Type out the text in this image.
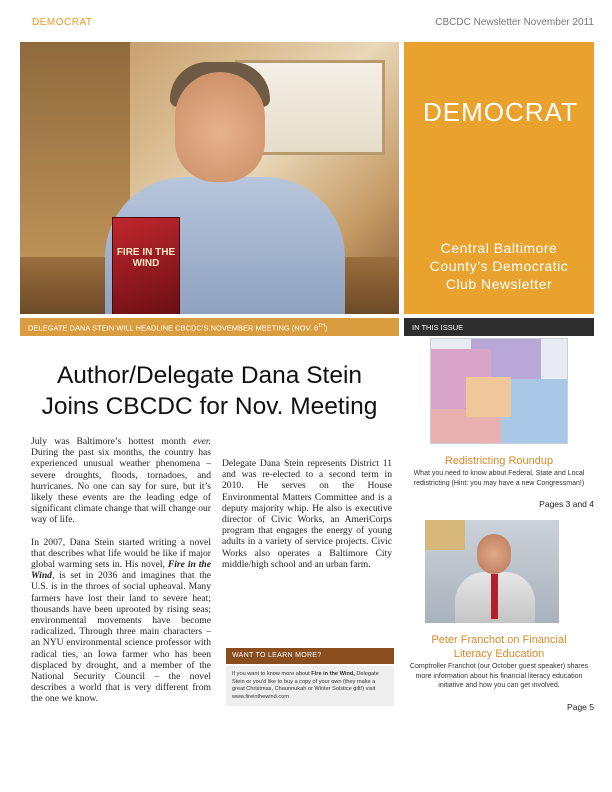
DEMOCRAT	CBCDC Newsletter November 2011
FIRE IN THE WIND
DEMOCRAT
Central Baltimore
County’s Democratic
Club Newsletter
DELEGATE DANA STEIN WILL HEADLINE CBCDC’S NOVEMBER MEETING (NOV. 8TH)	IN THIS ISSUE
Author/Delegate Dana Stein
Joins CBCDC for Nov. Meeting

July was Baltimore’s hottest month ever. During the past six months, the country has experienced unusual weather phenomena – severe droughts, floods, tornadoes, and hurricanes. No one can say for sure, but it’s likely these events are the leading edge of significant climate change that will change our way of life.

In 2007, Dana Stein started writing a novel that describes what life would be like if major global warming sets in. His novel, Fire in the Wind, is set in 2036 and imagines that the U.S. is in the throes of social upheaval. Many farmers have lost their land to severe heat; thousands have been uprooted by rising seas; environmental movements have become radicalized. Through three main characters – an NYU environmental science professor with radical ties, an Iowa farmer who has been displaced by drought, and a member of the National Security Council – the novel describes a world that is very different from the one we know.

Delegate Dana Stein represents District 11 and was re-elected to a second term in 2010. He serves on the House Environmental Matters Committee and is a deputy majority whip. He also is executive director of Civic Works, an AmeriCorps program that engages the energy of young adults in a variety of service projects. Civic Works also operates a Baltimore City middle/high school and an urban farm.

WANT TO LEARN MORE?
If you want to know more about Fire in the Wind, Delegate Stein or you’d like to buy a copy of your own (they make a great Christmas, Chaunnukah or Winter Solstice gift!) visit www.fireinthewind.com
Redistricting Roundup
What you need to know about Federal, State and Local redistricting (Hint: you may have a new Congressman!)
Pages 3 and 4
Peter Franchot on Financial
Literacy Education
Comptroller Franchot (our October guest speaker) shares more information about his financial literacy education initiative and how you can get involved.
Page 5
